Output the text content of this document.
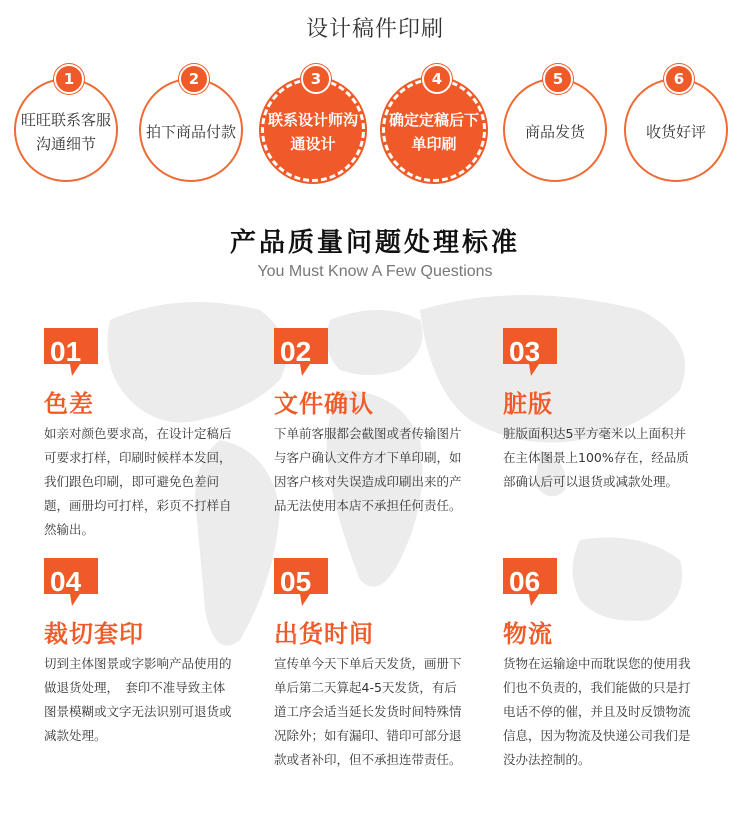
设计稿件印刷
1
旺旺联系客服沟通细节
2
拍下商品付款
3
联系设计师沟通设计
4
确定定稿后下单印刷
5
商品发货
6
收货好评
产品质量问题处理标准
You Must Know A Few Questions
01
色差
如亲对颜色要求高，在设计定稿后可要求打样，印刷时候样本发回，我们跟色印刷，即可避免色差问题，画册均可打样，彩页不打样自然输出。
02
文件确认
下单前客服都会截图或者传输图片与客户确认文件方才下单印刷，如因客户核对失误造成印刷出来的产品无法使用本店不承担任何责任。
03
脏版
脏版面积达5平方毫米以上面积并在主体图景上100%存在，经品质部确认后可以退货或减款处理。
04
裁切套印
切到主体图景或字影响产品使用的做退货处理，　套印不准导致主体图景模糊或文字无法识别可退货或减款处理。
05
出货时间
宣传单今天下单后天发货，画册下单后第二天算起4-5天发货，有后道工序会适当延长发货时间特殊情况除外；如有漏印、错印可部分退款或者补印，但不承担连带责任。
06
物流
货物在运输途中而耽误您的使用我们也不负责的，我们能做的只是打电话不停的催，并且及时反馈物流信息，因为物流及快递公司我们是没办法控制的。
